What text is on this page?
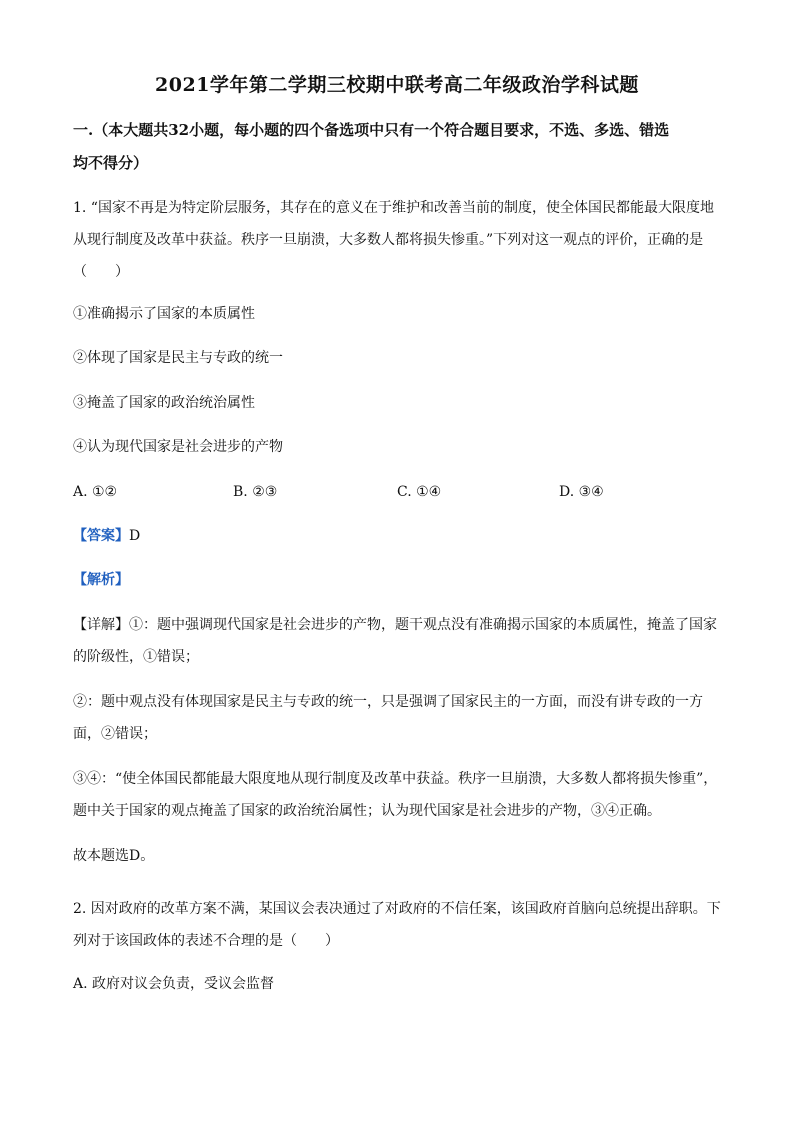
2021学年第二学期三校期中联考高二年级政治学科试题
一.（本大题共32小题，每小题的四个备选项中只有一个符合题目要求，不选、多选、错选
均不得分）
1. “国家不再是为特定阶层服务，其存在的意义在于维护和改善当前的制度，使全体国民都能最大限度地
从现行制度及改革中获益。秩序一旦崩溃，大多数人都将损失惨重。”下列对这一观点的评价，正确的是
（　　）
①准确揭示了国家的本质属性
②体现了国家是民主与专政的统一
③掩盖了国家的政治统治属性
④认为现代国家是社会进步的产物
A. ①②	B. ②③	C. ①④	D. ③④
【答案】D
【解析】
【详解】①：题中强调现代国家是社会进步的产物，题干观点没有准确揭示国家的本质属性，掩盖了国家
的阶级性，①错误；
②：题中观点没有体现国家是民主与专政的统一，只是强调了国家民主的一方面，而没有讲专政的一方
面，②错误；
③④：“使全体国民都能最大限度地从现行制度及改革中获益。秩序一旦崩溃，大多数人都将损失惨重”，
题中关于国家的观点掩盖了国家的政治统治属性；认为现代国家是社会进步的产物，③④正确。
故本题选D。
2. 因对政府的改革方案不满，某国议会表决通过了对政府的不信任案，该国政府首脑向总统提出辞职。下
列对于该国政体的表述不合理的是（　　）
A. 政府对议会负责，受议会监督
